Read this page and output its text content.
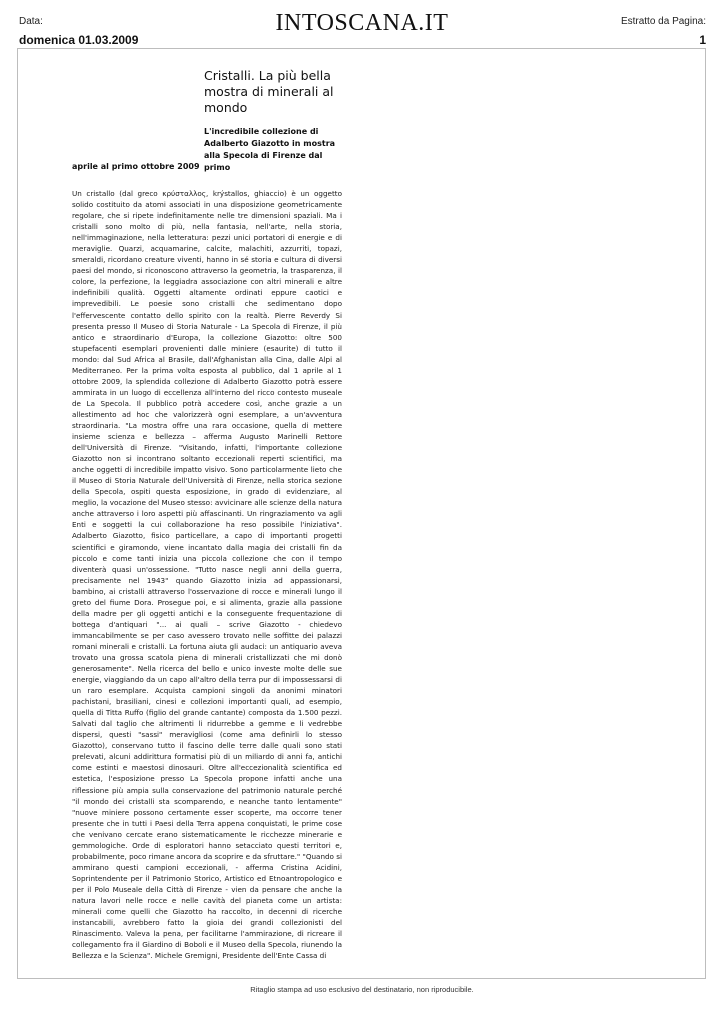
Data:
domenica 01.03.2009
INTOSCANA.IT	Estratto da Pagina:
1
Cristalli. La più bella mostra di minerali al mondo
L'incredibile collezione di Adalberto Giazotto in mostra alla Specola di Firenze dal primo
aprile al primo ottobre 2009
Un cristallo (dal greco κρύσταλλος, krýstallos, ghiaccio) è un oggetto solido costituito da atomi associati in una disposizione geometricamente regolare, che si ripete indefinitamente nelle tre dimensioni spaziali. Ma i cristalli sono molto di più, nella fantasia, nell'arte, nella storia, nell'immaginazione, nella letteratura: pezzi unici portatori di energie e di meraviglie. Quarzi, acquamarine, calcite, malachiti, azzurriti, topazi, smeraldi, ricordano creature viventi, hanno in sé storia e cultura di diversi paesi del mondo, si riconoscono attraverso la geometria, la trasparenza, il colore, la perfezione, la leggiadra associazione con altri minerali e altre indefinibili qualità. Oggetti altamente ordinati eppure caotici e imprevedibili. Le poesie sono cristalli che sedimentano dopo l'effervescente contatto dello spirito con la realtà. Pierre Reverdy Si presenta presso Il Museo di Storia Naturale - La Specola di Firenze, il più antico e straordinario d'Europa, la collezione Giazotto: oltre 500 stupefacenti esemplari provenienti dalle miniere (esaurite) di tutto il mondo: dal Sud Africa al Brasile, dall'Afghanistan alla Cina, dalle Alpi al Mediterraneo. Per la prima volta esposta al pubblico, dal 1 aprile al 1 ottobre 2009, la splendida collezione di Adalberto Giazotto potrà essere ammirata in un luogo di eccellenza all'interno del ricco contesto museale de La Specola. Il pubblico potrà accedere così, anche grazie a un allestimento ad hoc che valorizzerà ogni esemplare, a un'avventura straordinaria. "La mostra offre una rara occasione, quella di mettere insieme scienza e bellezza – afferma Augusto Marinelli Rettore dell'Università di Firenze. "Visitando, infatti, l'importante collezione Giazotto non si incontrano soltanto eccezionali reperti scientifici, ma anche oggetti di incredibile impatto visivo. Sono particolarmente lieto che il Museo di Storia Naturale dell'Università di Firenze, nella storica sezione della Specola, ospiti questa esposizione, in grado di evidenziare, al meglio, la vocazione del Museo stesso: avvicinare alle scienze della natura anche attraverso i loro aspetti più affascinanti. Un ringraziamento va agli Enti e soggetti la cui collaborazione ha reso possibile l'iniziativa". Adalberto Giazotto, fisico particellare, a capo di importanti progetti scientifici e giramondo, viene incantato dalla magia dei cristalli fin da piccolo e come tanti inizia una piccola collezione che con il tempo diventerà quasi un'ossessione. "Tutto nasce negli anni della guerra, precisamente nel 1943" quando Giazotto inizia ad appassionarsi, bambino, ai cristalli attraverso l'osservazione di rocce e minerali lungo il greto del fiume Dora. Prosegue poi, e si alimenta, grazie alla passione della madre per gli oggetti antichi e la conseguente frequentazione di bottega d'antiquari "... ai quali – scrive Giazotto - chiedevo immancabilmente se per caso avessero trovato nelle soffitte dei palazzi romani minerali e cristalli. La fortuna aiuta gli audaci: un antiquario aveva trovato una grossa scatola piena di minerali cristallizzati che mi donò generosamente". Nella ricerca del bello e unico investe molte delle sue energie, viaggiando da un capo all'altro della terra pur di impossessarsi di un raro esemplare. Acquista campioni singoli da anonimi minatori pachistani, brasiliani, cinesi e collezioni importanti quali, ad esempio, quella di Titta Ruffo (figlio del grande cantante) composta da 1.500 pezzi. Salvati dal taglio che altrimenti li ridurrebbe a gemme e li vedrebbe dispersi, questi "sassi" meravigliosi (come ama definirli lo stesso Giazotto), conservano tutto il fascino delle terre dalle quali sono stati prelevati, alcuni addirittura formatisi più di un miliardo di anni fa, antichi come estinti e maestosi dinosauri. Oltre all'eccezionalità scientifica ed estetica, l'esposizione presso La Specola propone infatti anche una riflessione più ampia sulla conservazione del patrimonio naturale perché "il mondo dei cristalli sta scomparendo, e neanche tanto lentamente" "nuove miniere possono certamente esser scoperte, ma occorre tener presente che in tutti i Paesi della Terra appena conquistati, le prime cose che venivano cercate erano sistematicamente le ricchezze minerarie e gemmologiche. Orde di esploratori hanno setacciato questi territori e, probabilmente, poco rimane ancora da scoprire e da sfruttare." "Quando si ammirano questi campioni eccezionali, - afferma Cristina Acidini, Soprintendente per il Patrimonio Storico, Artistico ed Etnoantropologico e per il Polo Museale della Città di Firenze - vien da pensare che anche la natura lavori nelle rocce e nelle cavità del pianeta come un artista: minerali come quelli che Giazotto ha raccolto, in decenni di ricerche instancabili, avrebbero fatto la gioia dei grandi collezionisti del Rinascimento. Valeva la pena, per facilitarne l'ammirazione, di ricreare il collegamento fra il Giardino di Boboli e il Museo della Specola, riunendo la Bellezza e la Scienza". Michele Gremigni, Presidente dell'Ente Cassa di
Ritaglio stampa ad uso esclusivo del destinatario, non riproducibile.
